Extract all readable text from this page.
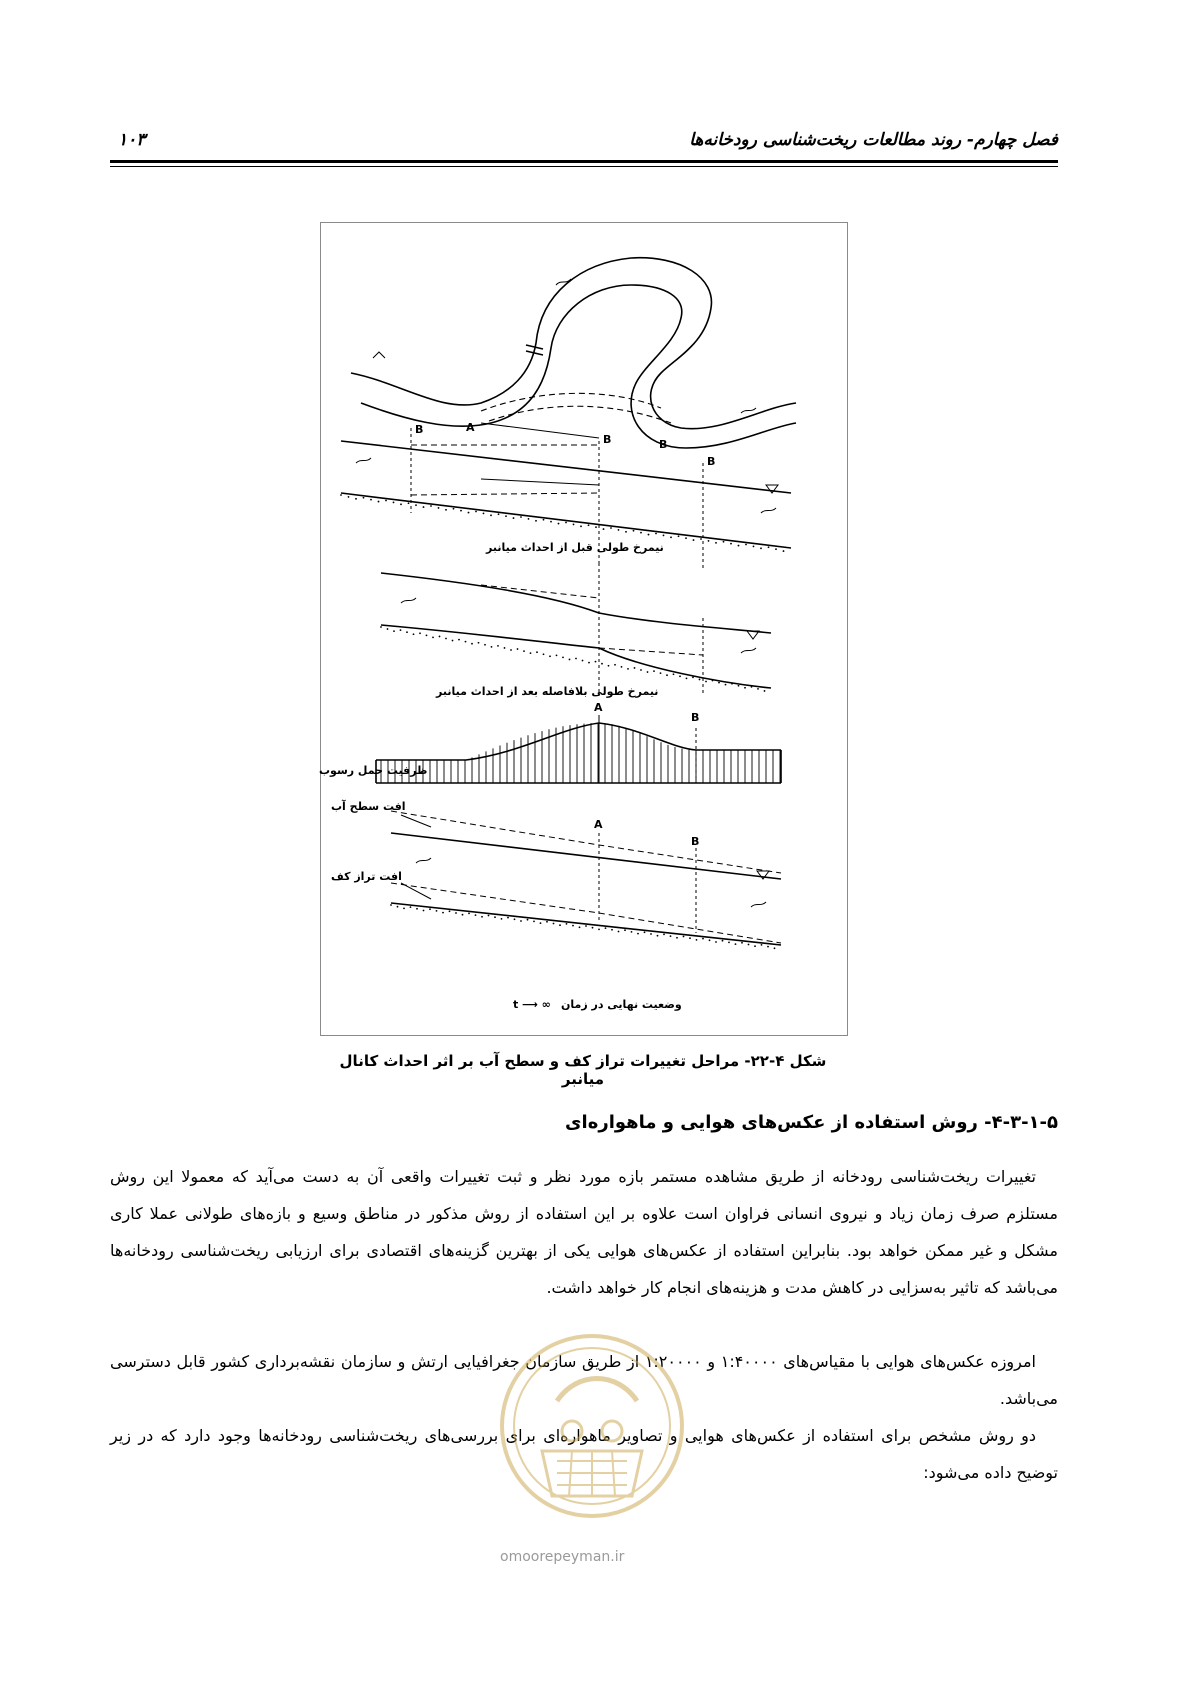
فصل چهارم- روند مطالعات ریخت‌شناسی رودخانه‌ها
۱۰۳
A
B
B
B
B
نیمرخ طولی قبل از احداث میانبر
نیمرخ طولی بلافاصله بعد از احداث میانبر
A
B
ظرفیت حمل رسوب
افت سطح آب
A
B
افت تراز کف
وضعیت نهایی در زمان
t ⟶ ∞
شکل ۴-۲۲- مراحل تغییرات تراز کف و سطح آب بر اثر احداث کانال میانبر
۴-۳-۱-۵- روش استفاده از عکس‌های هوایی و ماهواره‌ای
تغییرات ریخت‌شناسی رودخانه از طریق مشاهده مستمر بازه مورد نظر و ثبت تغییرات واقعی آن به دست می‌آید که معمولا این روش مستلزم صرف زمان زیاد و نیروی انسانی فراوان است علاوه بر این استفاده از روش مذکور در مناطق وسیع و بازه‌های طولانی عملا کاری مشکل و غیر ممکن خواهد بود. بنابراین استفاده از عکس‌های هوایی یکی از بهترین گزینه‌های اقتصادی برای ارزیابی ریخت‌شناسی رودخانه‌ها می‌باشد که تاثیر به‌سزایی در کاهش مدت و هزینه‌های انجام کار خواهد داشت.
امروزه عکس‌های هوایی با مقیاس‌های ۱:۴۰۰۰۰ و ۱:۲۰۰۰۰ از طریق سازمان جغرافیایی ارتش و سازمان نقشه‌برداری کشور قابل دسترسی می‌باشد.
دو روش مشخص برای استفاده از عکس‌های هوایی و تصاویر ماهواره‌ای برای بررسی‌های ریخت‌شناسی رودخانه‌ها وجود دارد که در زیر توضیح داده می‌شود:
omoorepeyman.ir
